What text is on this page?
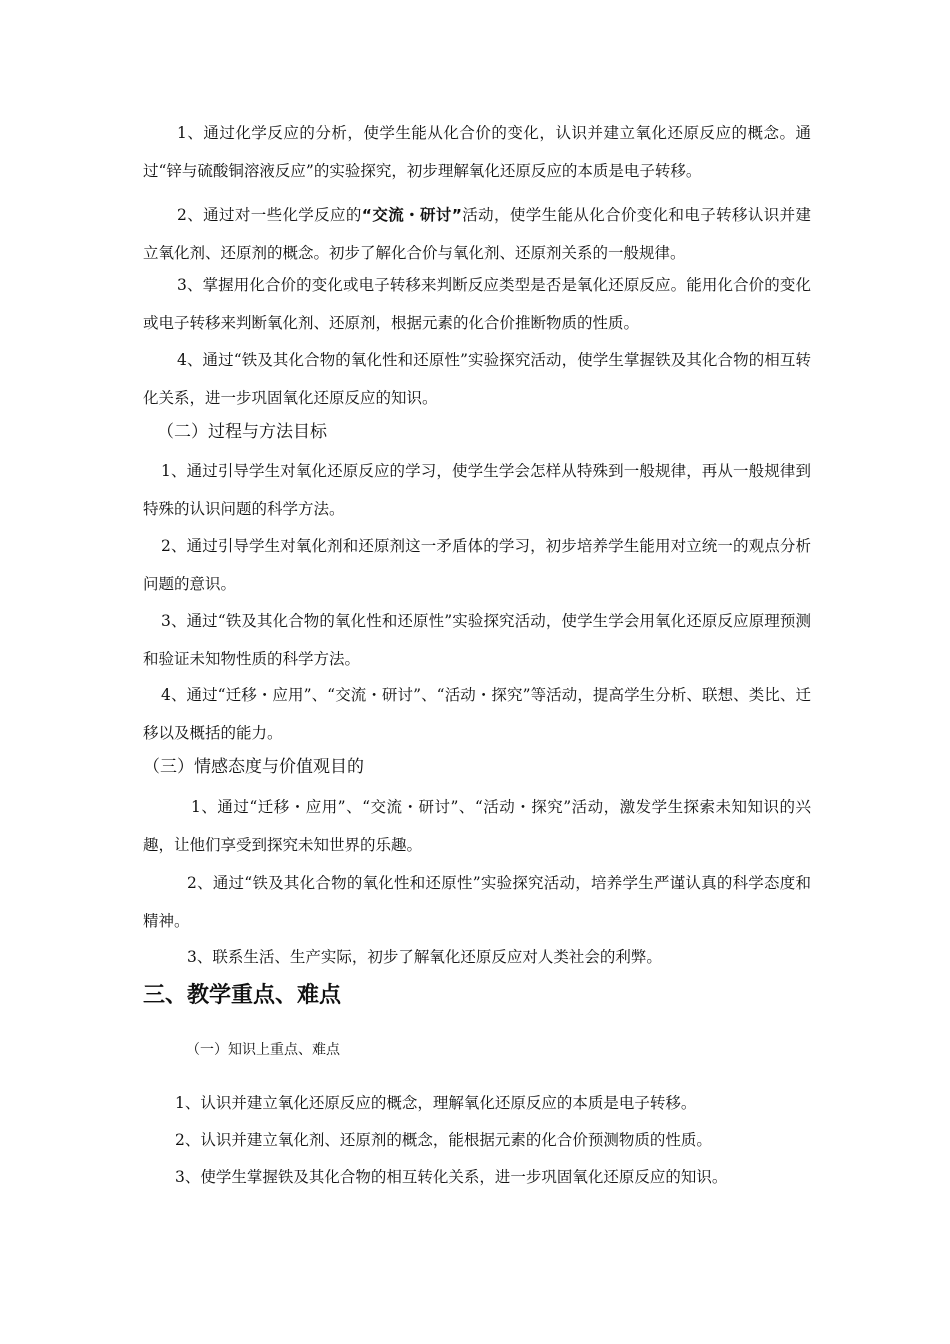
1、通过化学反应的分析，使学生能从化合价的变化，认识并建立氧化还原反应的概念。通过“锌与硫酸铜溶液反应”的实验探究，初步理解氧化还原反应的本质是电子转移。
2、通过对一些化学反应的“交流・研讨”活动，使学生能从化合价变化和电子转移认识并建立氧化剂、还原剂的概念。初步了解化合价与氧化剂、还原剂关系的一般规律。
3、掌握用化合价的变化或电子转移来判断反应类型是否是氧化还原反应。能用化合价的变化或电子转移来判断氧化剂、还原剂，根据元素的化合价推断物质的性质。
4、通过“铁及其化合物的氧化性和还原性”实验探究活动，使学生掌握铁及其化合物的相互转化关系，进一步巩固氧化还原反应的知识。
（二）过程与方法目标
1、通过引导学生对氧化还原反应的学习，使学生学会怎样从特殊到一般规律，再从一般规律到特殊的认识问题的科学方法。
2、通过引导学生对氧化剂和还原剂这一矛盾体的学习，初步培养学生能用对立统一的观点分析问题的意识。
3、通过“铁及其化合物的氧化性和还原性”实验探究活动，使学生学会用氧化还原反应原理预测和验证未知物性质的科学方法。
4、通过“迁移・应用”、“交流・研讨”、“活动・探究”等活动，提高学生分析、联想、类比、迁移以及概括的能力。
（三）情感态度与价值观目的
1、通过“迁移・应用”、“交流・研讨”、“活动・探究”活动，激发学生探索未知知识的兴趣，让他们享受到探究未知世界的乐趣。
2、通过“铁及其化合物的氧化性和还原性”实验探究活动，培养学生严谨认真的科学态度和精神。
3、联系生活、生产实际，初步了解氧化还原反应对人类社会的利弊。
三、教学重点、难点
（一）知识上重点、难点
1、认识并建立氧化还原反应的概念，理解氧化还原反应的本质是电子转移。
2、认识并建立氧化剂、还原剂的概念，能根据元素的化合价预测物质的性质。
3、使学生掌握铁及其化合物的相互转化关系，进一步巩固氧化还原反应的知识。
